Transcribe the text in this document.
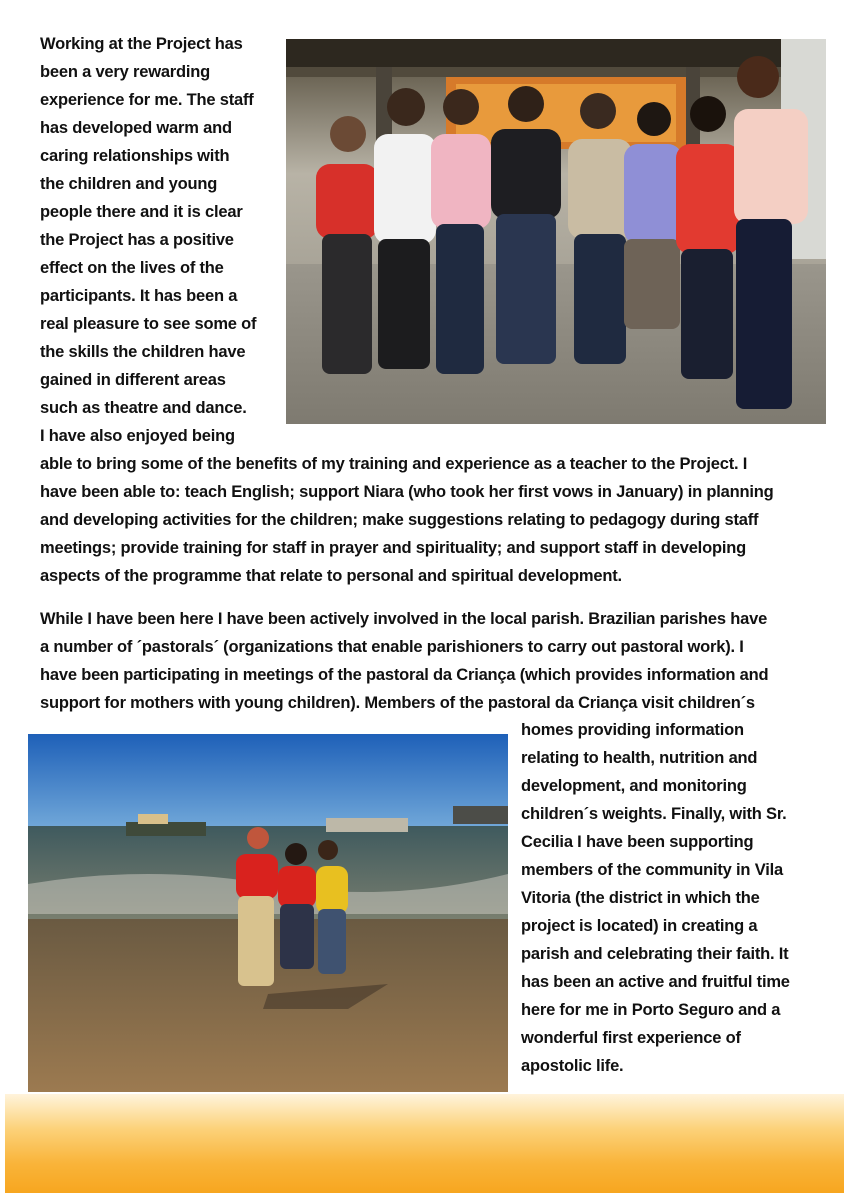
Working at the Project has
been a very rewarding
experience for me. The staff
has developed warm and
caring relationships with
the children and young
people there and it is clear
the Project has a positive
effect on the lives of the
participants. It has been a
real pleasure to see some of
the skills the children have
gained in different areas
such as theatre and dance.
I have also enjoyed being
able to bring some of the benefits of my training and experience as a teacher to the Project. I
have been able to: teach English; support Niara (who took her first vows in January) in planning
and developing activities for the children; make suggestions relating to pedagogy during staff
meetings; provide training for staff in prayer and spirituality; and support staff in developing
aspects of the programme that relate to personal and spiritual development.
While I have been here I have been actively involved in the local parish. Brazilian parishes have
a number of ´pastorals´ (organizations that enable parishioners to carry out pastoral work). I
have been participating in meetings of the pastoral da Criança (which provides information and
support for mothers with young children). Members of the pastoral da Criança visit children´s
homes providing information
relating to health, nutrition and
development, and monitoring
children´s weights. Finally, with Sr.
Cecilia I have been supporting
members of the community in Vila
Vitoria (the district in which the
project is located) in creating a
parish and celebrating their faith. It
has been an active and fruitful time
here for me in Porto Seguro and a
wonderful first experience of
apostolic life.
